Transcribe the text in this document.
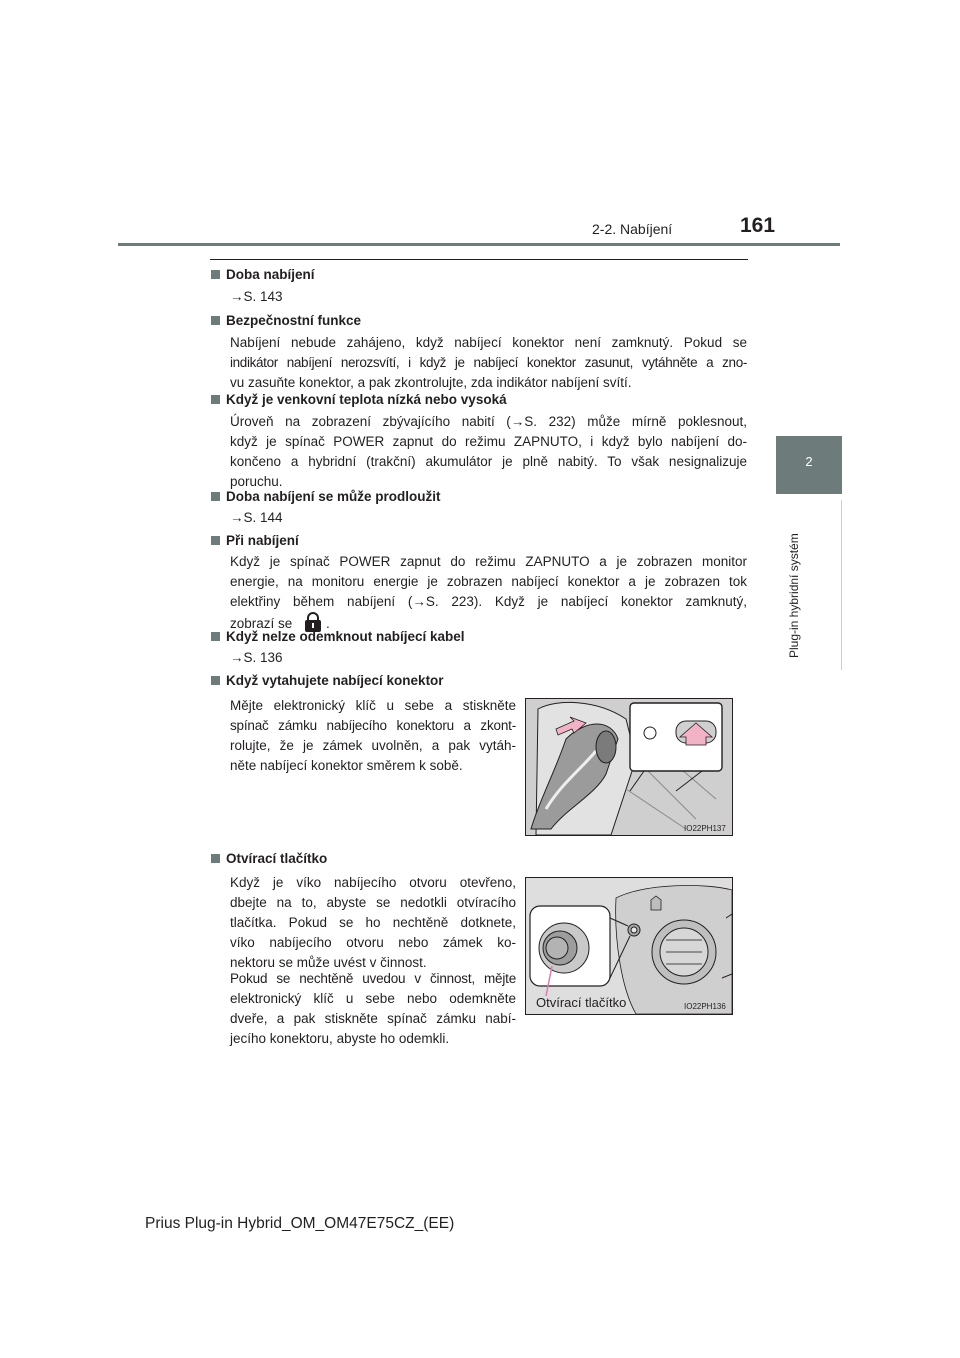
2-2. Nabíjení	161
2
Plug-in hybridní systém
Doba nabíjení
→S. 143
Bezpečnostní funkce
Nabíjení nebude zahájeno, když nabíjecí konektor není zamknutý. Pokud se
indikátor nabíjení nerozsvítí, i když je nabíjecí konektor zasunut, vytáhněte a zno-
vu zasuňte konektor, a pak zkontrolujte, zda indikátor nabíjení svítí.
Když je venkovní teplota nízká nebo vysoká
Úroveň na zobrazení zbývajícího nabití (→S. 232) může mírně poklesnout,
když je spínač POWER zapnut do režimu ZAPNUTO, i když bylo nabíjení do-
končeno a hybridní (trakční) akumulátor je plně nabitý. To však nesignalizuje
poruchu.
Doba nabíjení se může prodloužit
→S. 144
Při nabíjení
Když je spínač POWER zapnut do režimu ZAPNUTO a je zobrazen monitor
energie, na monitoru energie je zobrazen nabíjecí konektor a je zobrazen tok
elektřiny během nabíjení (→S. 223). Když je nabíjecí konektor zamknutý,
zobrazí se	.
Když nelze odemknout nabíjecí kabel
→S. 136
Když vytahujete nabíjecí konektor
Mějte elektronický klíč u sebe a stiskněte
spínač zámku nabíjecího konektoru a zkont-
rolujte, že je zámek uvolněn, a pak vytáh-
něte nabíjecí konektor směrem k sobě.
IO22PH137
Otvírací tlačítko
Když je víko nabíjecího otvoru otevřeno,
dbejte na to, abyste se nedotkli otvíracího
tlačítka. Pokud se ho nechtěně dotknete,
víko nabíjecího otvoru nebo zámek ko-
nektoru se může uvést v činnost.
Pokud se nechtěně uvedou v činnost, mějte
elektronický klíč u sebe nebo odemkněte
dveře, a pak stiskněte spínač zámku nabí-
jecího konektoru, abyste ho odemkli.
Otvírací tlačítko	IO22PH136
Prius Plug-in Hybrid_OM_OM47E75CZ_(EE)
